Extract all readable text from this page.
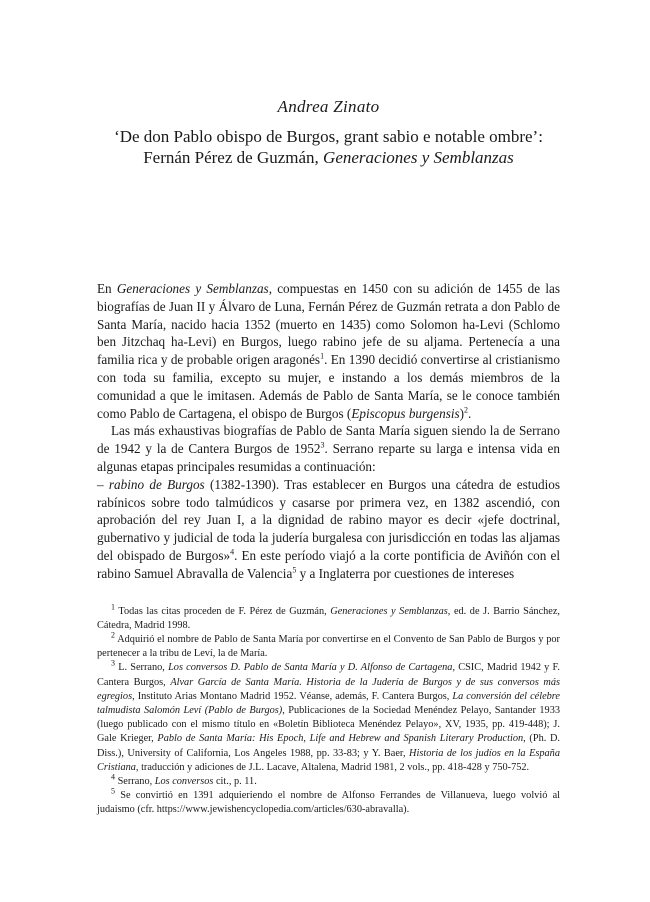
Andrea Zinato

‘De don Pablo obispo de Burgos, grant sabio e notable ombre’:
Fernán Pérez de Guzmán, Generaciones y Semblanzas

En Generaciones y Semblanzas, compuestas en 1450 con su adición de 1455 de las biografías de Juan II y Álvaro de Luna, Fernán Pérez de Guzmán retrata a don Pablo de Santa María, nacido hacia 1352 (muerto en 1435) como Solomon ha-Levi (Schlomo ben Jitzchaq ha-Levi) en Burgos, luego rabino jefe de su aljama. Pertenecía a una familia rica y de probable origen aragonés$^1$. En 1390 decidió convertirse al cristianismo con toda su familia, excepto su mujer, e instando a los demás miembros de la comunidad a que le imitasen. Además de Pablo de Santa María, se le conoce también como Pablo de Cartagena, el obispo de Burgos (Episcopus burgensis)$^2$.

Las más exhaustivas biografías de Pablo de Santa María siguen siendo la de Serrano de 1942 y la de Cantera Burgos de 1952$^3$. Serrano reparte su larga e intensa vida en algunas etapas principales resumidas a continuación:

– rabino de Burgos (1382-1390). Tras establecer en Burgos una cátedra de estudios rabínicos sobre todo talmúdicos y casarse por primera vez, en 1382 ascendió, con aprobación del rey Juan I, a la dignidad de rabino mayor es decir «jefe doctrinal, gubernativo y judicial de toda la judería burgalesa con jurisdicción en todas las aljamas del obispado de Burgos»$^4$. En este período viajó a la corte pontificia de Aviñón con el rabino Samuel Abravalla de Valencia$^5$ y a Inglaterra por cuestiones de intereses

$^1$ Todas las citas proceden de F. Pérez de Guzmán, Generaciones y Semblanzas, ed. de J. Barrio Sánchez, Cátedra, Madrid 1998.

$^2$ Adquirió el nombre de Pablo de Santa María por convertirse en el Convento de San Pablo de Burgos y por pertenecer a la tribu de Leví, la de María.

$^3$ L. Serrano, Los conversos D. Pablo de Santa María y D. Alfonso de Cartagena, CSIC, Madrid 1942 y F. Cantera Burgos, Alvar García de Santa María. Historia de la Judería de Burgos y de sus conversos más egregios, Instituto Arias Montano Madrid 1952. Véanse, además, F. Cantera Burgos, La conversión del célebre talmudista Salomón Leví (Pablo de Burgos), Publicaciones de la Sociedad Menéndez Pelayo, Santander 1933 (luego publicado con el mismo título en «Boletín Biblioteca Menéndez Pelayo», XV, 1935, pp. 419-448); J. Gale Krieger, Pablo de Santa María: His Epoch, Life and Hebrew and Spanish Literary Production, (Ph. D. Diss.), University of California, Los Angeles 1988, pp. 33-83; y Y. Baer, Historia de los judíos en la España Cristiana, traducción y adiciones de J.L. Lacave, Altalena, Madrid 1981, 2 vols., pp. 418-428 y 750-752.

$^4$ Serrano, Los conversos cit., p. 11.

$^5$ Se convirtió en 1391 adquieriendo el nombre de Alfonso Ferrandes de Villanueva, luego volvió al judaismo (cfr. https://www.jewishencyclopedia.com/articles/630-abravalla).
